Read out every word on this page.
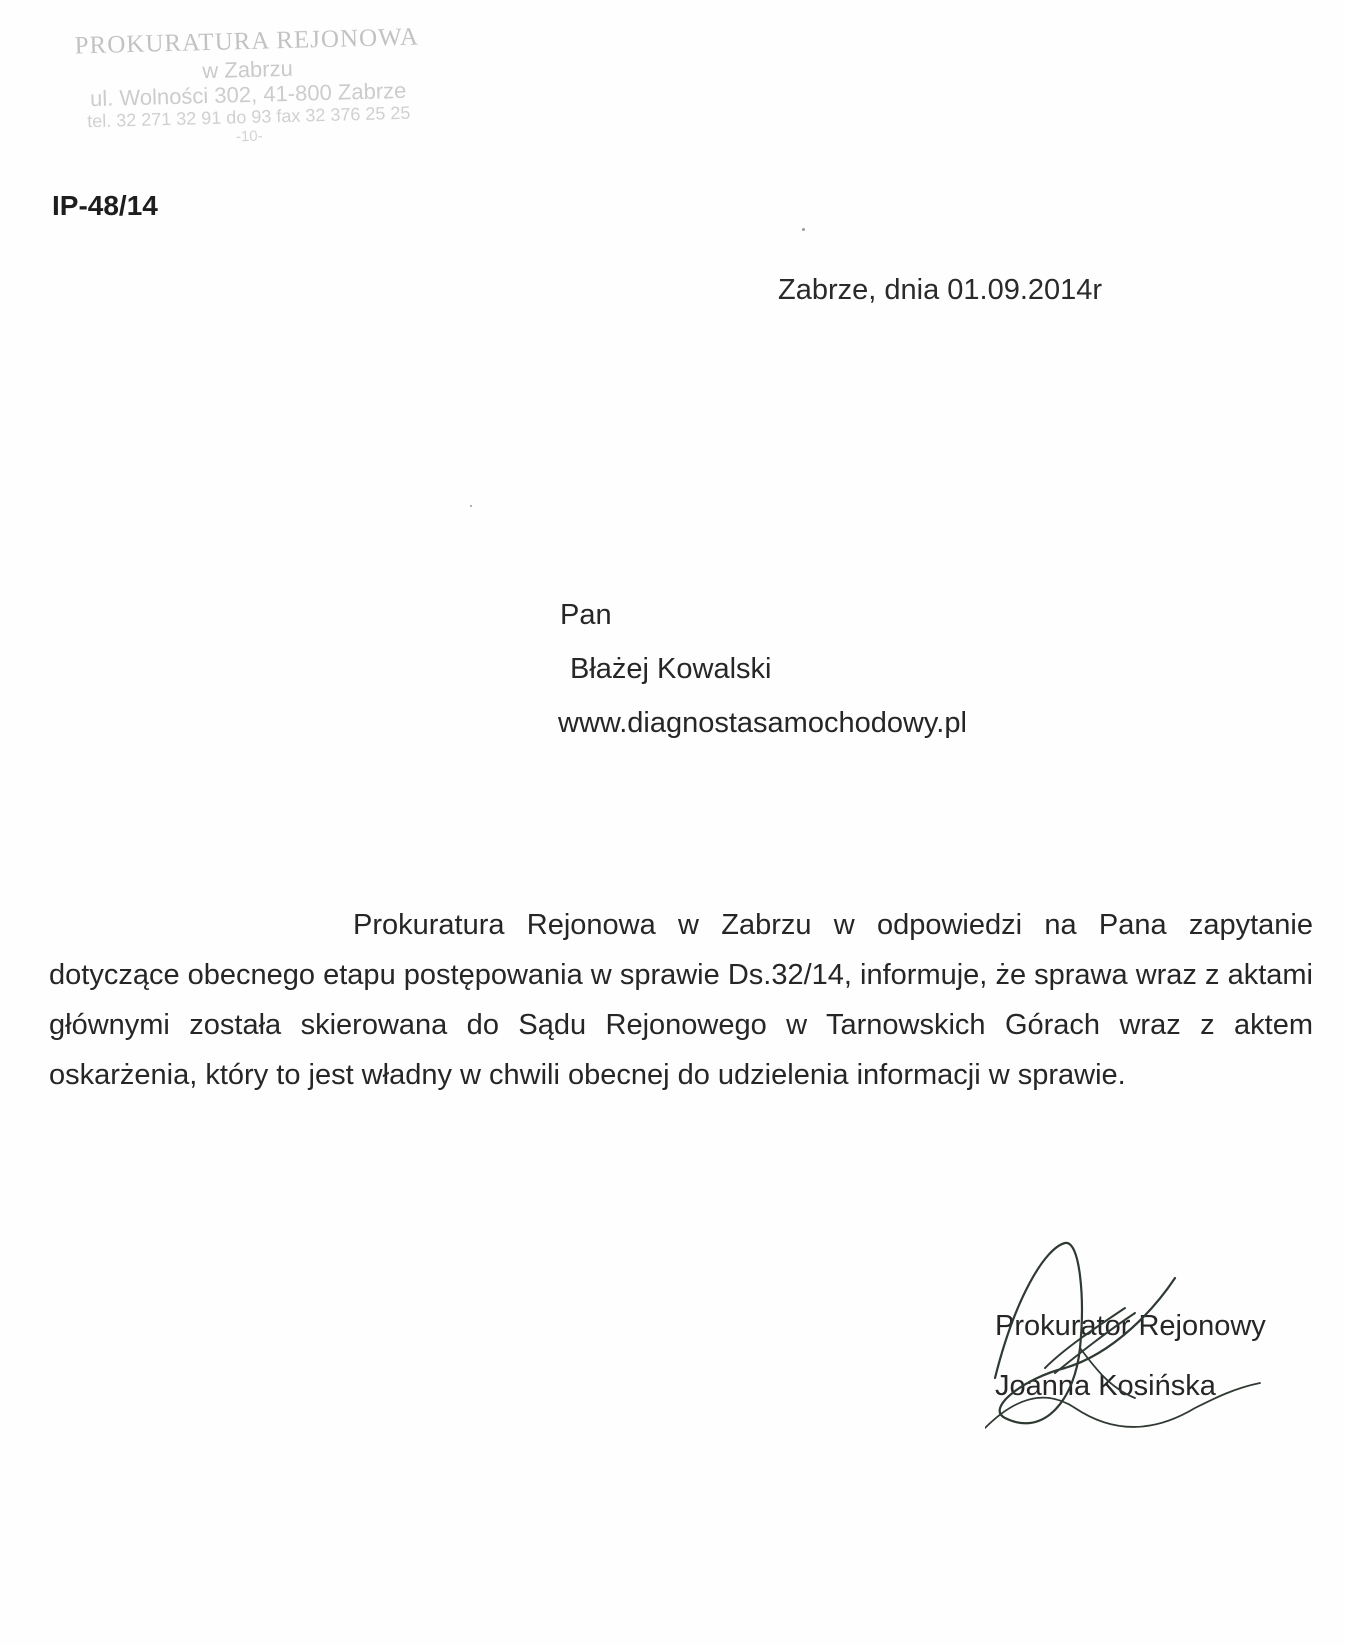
PROKURATURA REJONOWA
w Zabrzu
ul. Wolności 302, 41-800 Zabrze
tel. 32 271 32 91 do 93 fax 32 376 25 25
-10-
IP-48/14
Zabrze, dnia 01.09.2014r
Pan
Błażej Kowalski
www.diagnostasamochodowy.pl
Prokuratura Rejonowa w Zabrzu w odpowiedzi na Pana zapytanie dotyczące obecnego etapu postępowania w sprawie Ds.32/14, informuje, że sprawa wraz z aktami głównymi została skierowana do Sądu Rejonowego w Tarnowskich Górach wraz z aktem oskarżenia, który to jest władny w chwili obecnej do udzielenia informacji w sprawie.
Prokurator Rejonowy
Joanna Kosińska
